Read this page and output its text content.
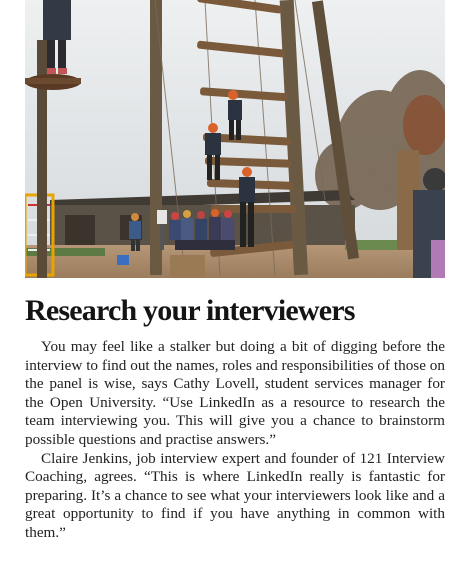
Research your interviewers

You may feel like a stalker but doing a bit of digging before the interview to find out the names, roles and responsibilities of those on the panel is wise, says Cathy Lovell, student services manager for the Open University. “Use LinkedIn as a resource to research the team interviewing you. This will give you a chance to brainstorm possible questions and practise answers.”

Claire Jenkins, job interview expert and founder of 121 Interview Coaching, agrees. “This is where LinkedIn really is fantastic for preparing. It’s a chance to see what your interviewers look like and a great opportunity to find if you have anything in common with them.”
